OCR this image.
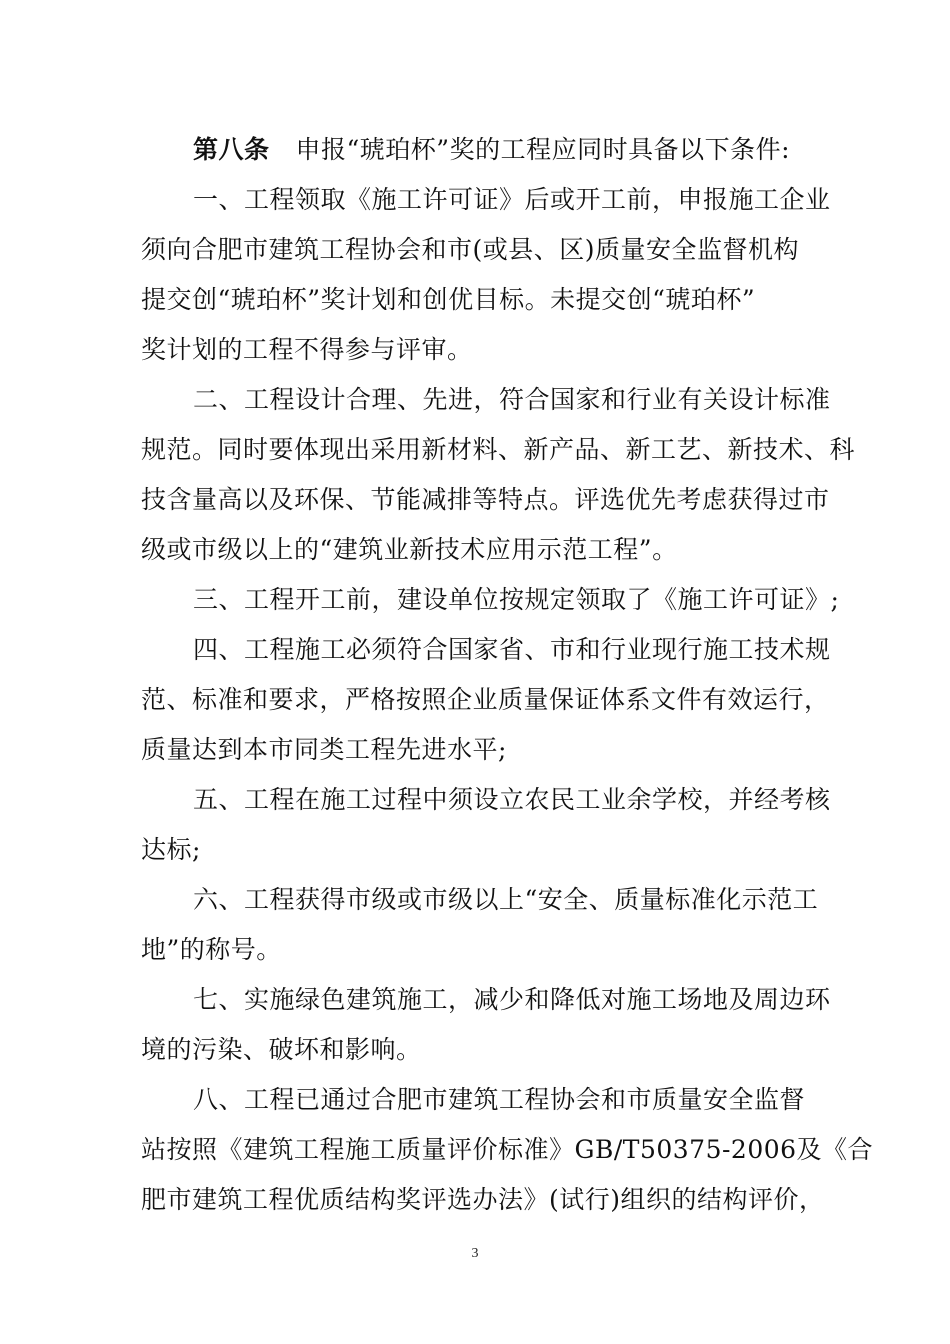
第八条 申报“琥珀杯”奖的工程应同时具备以下条件:
一、工程领取《施工许可证》后或开工前，申报施工企业
须向合肥市建筑工程协会和市(或县、区)质量安全监督机构
提交创“琥珀杯”奖计划和创优目标。未提交创“琥珀杯”
奖计划的工程不得参与评审。
二、工程设计合理、先进，符合国家和行业有关设计标准
规范。同时要体现出采用新材料、新产品、新工艺、新技术、科
技含量高以及环保、节能减排等特点。评选优先考虑获得过市
级或市级以上的“建筑业新技术应用示范工程”。
三、工程开工前，建设单位按规定领取了《施工许可证》;
四、工程施工必须符合国家省、市和行业现行施工技术规
范、标准和要求，严格按照企业质量保证体系文件有效运行，
质量达到本市同类工程先进水平;
五、工程在施工过程中须设立农民工业余学校，并经考核
达标;
六、工程获得市级或市级以上“安全、质量标准化示范工
地”的称号。
七、实施绿色建筑施工，减少和降低对施工场地及周边环
境的污染、破坏和影响。
八、工程已通过合肥市建筑工程协会和市质量安全监督
站按照《建筑工程施工质量评价标准》GB/T50375-2006及《合
肥市建筑工程优质结构奖评选办法》(试行)组织的结构评价，
3
